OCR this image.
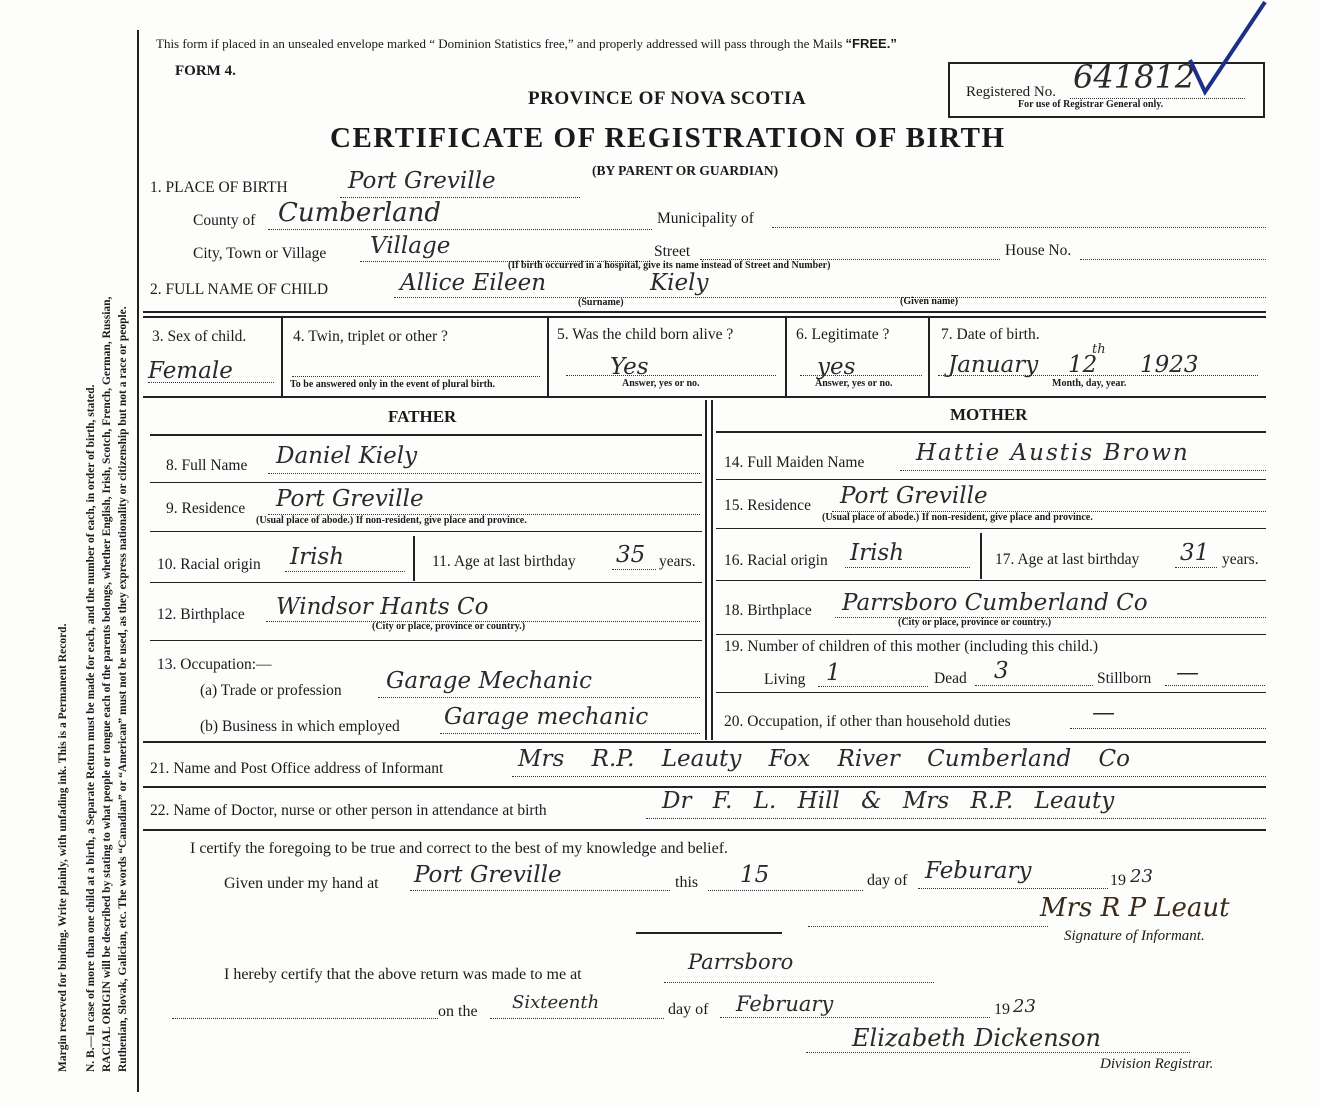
Margin reserved for binding. Write plainly, with unfading ink. This is a Permanent Record. N. B.—In case of more than one child at a birth, a Separate Return must be made for each, and the number of each, in order of birth, stated. RACIAL ORIGIN will be described by stating to what people or tongue each of the parents belongs, whether English, Irish, Scotch, French, German, Russian, Ruthenian, Slovak, Galician, etc. The words “Canadian” or “American” must not be used, as they express nationality or citizenship but not a race or people.
This form if placed in an unsealed envelope marked “ Dominion Statistics free,” and properly addressed will pass through the Mails “FREE.”
FORM 4.
PROVINCE OF NOVA SCOTIA
CERTIFICATE OF REGISTRATION OF BIRTH
(BY PARENT OR GUARDIAN)
Registered No. 641812
For use of Registrar General only.
1. PLACE OF BIRTH	Port Greville
County of Cumberland	Municipality of
City, Town or Village Village	Street	House No.
(If birth occurred in a hospital, give its name instead of Street and Number)
2. FULL NAME OF CHILD	Allice Eileen	Kiely
(Surname)	(Given name)
3. Sex of child.
Female
4. Twin, triplet or other ?
To be answered only in the event of plural birth.
5. Was the child born alive ?
Yes
Answer, yes or no.
6. Legitimate ?
yes
Answer, yes or no.
7. Date of birth.
January 12
th
1923
Month, day, year.
FATHER	MOTHER
8. Full Name Daniel Kiely
9. Residence Port Greville
(Usual place of abode.) If non-resident, give place and province.
10. Racial origin Irish	11. Age at last birthday 35 years.
12. Birthplace Windsor Hants Co
(City or place, province or country.)
13. Occupation:—
(a) Trade or profession Garage Mechanic
(b) Business in which employed Garage mechanic
14. Full Maiden Name Hattie Austis Brown
15. Residence Port Greville
(Usual place of abode.) If non-resident, give place and province.
16. Racial origin Irish	17. Age at last birthday 31 years.
18. Birthplace Parrsboro Cumberland Co
(City or place, province or country.)
19. Number of children of this mother (including this child.)
Living 1	Dead 3	Stillborn —
20. Occupation, if other than household duties	—
21. Name and Post Office address of Informant	Mrs R.P. Leauty Fox River Cumberland Co
22. Name of Doctor, nurse or other person in attendance at birth	Dr F. L. Hill & Mrs R.P. Leauty
I certify the foregoing to be true and correct to the best of my knowledge and belief.
Given under my hand at Port Greville	this 15	day of Feburary	19 23
Mrs R P Leaut
Signature of Informant.
I hereby certify that the above return was made to me at
Parrsboro
on the Sixteenth	day of February	19 23
Elizabeth Dickenson
Division Registrar.
